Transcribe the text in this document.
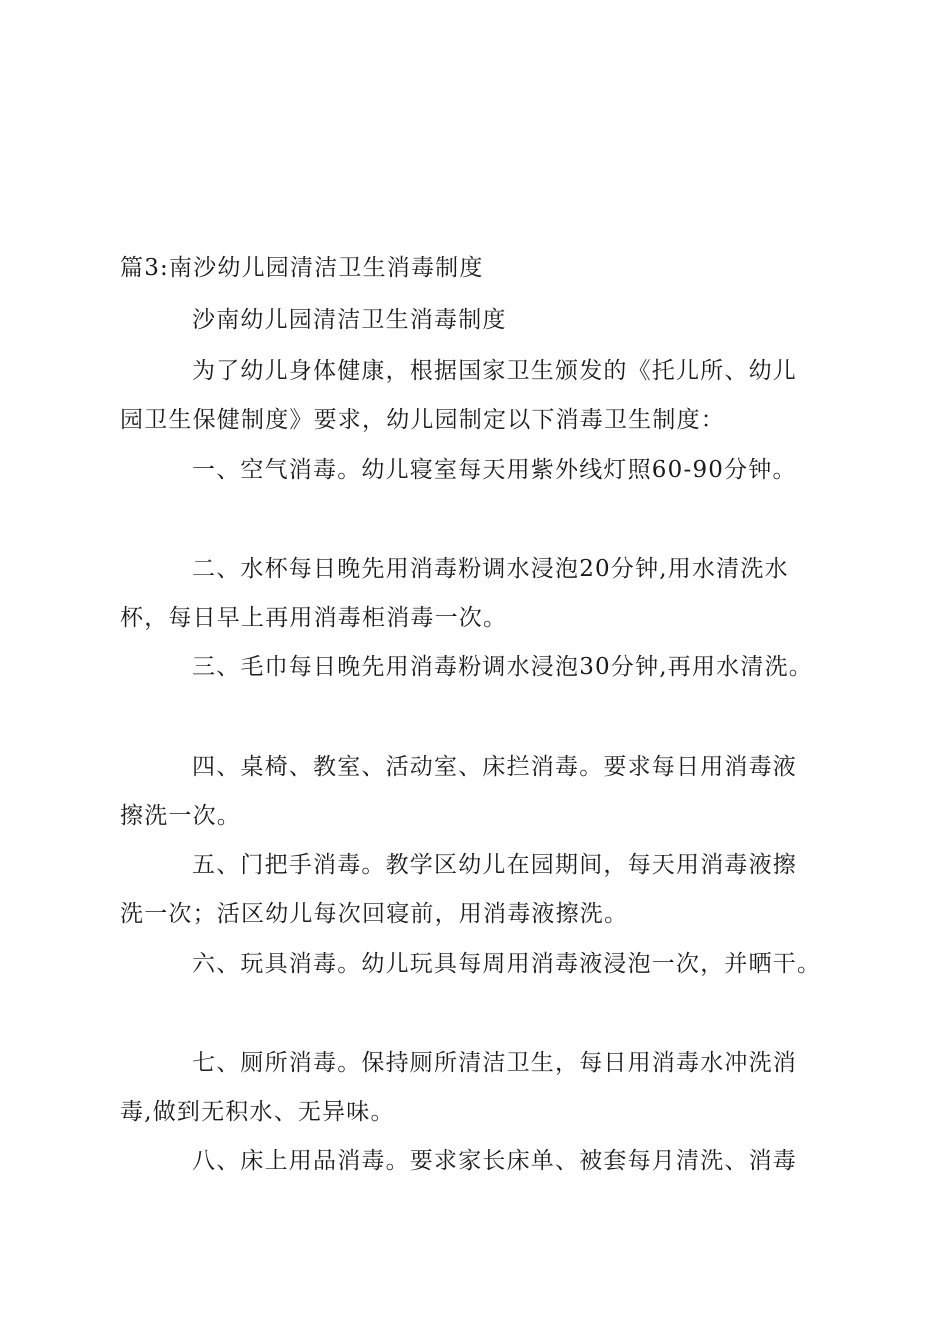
篇3:南沙幼儿园清洁卫生消毒制度
沙南幼儿园清洁卫生消毒制度
为了幼儿身体健康，根据国家卫生颁发的《托儿所、幼儿
园卫生保健制度》要求，幼儿园制定以下消毒卫生制度：
一、空气消毒。幼儿寝室每天用紫外线灯照60-90分钟。
二、水杯每日晚先用消毒粉调水浸泡20分钟,用水清洗水
杯，每日早上再用消毒柜消毒一次。
三、毛巾每日晚先用消毒粉调水浸泡30分钟,再用水清洗。
四、桌椅、教室、活动室、床拦消毒。要求每日用消毒液
擦洗一次。
五、门把手消毒。教学区幼儿在园期间，每天用消毒液擦
洗一次；活区幼儿每次回寝前，用消毒液擦洗。
六、玩具消毒。幼儿玩具每周用消毒液浸泡一次，并晒干。
七、厕所消毒。保持厕所清洁卫生，每日用消毒水冲洗消
毒,做到无积水、无异味。
八、床上用品消毒。要求家长床单、被套每月清洗、消毒
